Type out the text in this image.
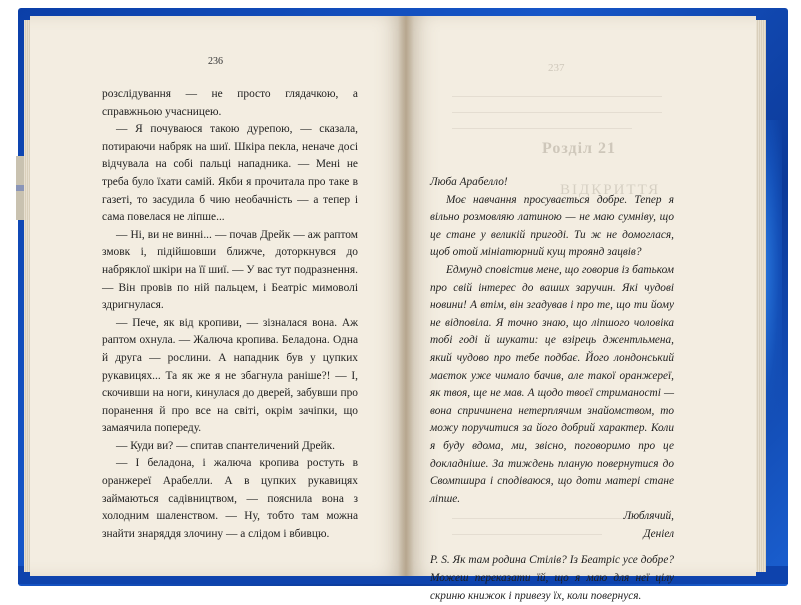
236

розслідування — не просто глядачкою, а справжньою учасницею.

— Я почуваюся такою дурепою, — сказала, потираючи набряк на шиї. Шкіра пекла, неначе досі відчувала на собі пальці нападника. — Мені не треба було їхати самій. Якби я прочитала про таке в газеті, то засудила б чию необачність — а тепер і сама повелася не ліпше...

— Ні, ви не винні... — почав Дрейк — аж раптом змовк і, підійшовши ближче, доторкнувся до набряклої шкіри на її шиї. — У вас тут подразнення. — Він провів по ній пальцем, і Беатріс мимоволі здригнулася.

— Пече, як від кропиви, — зізналася вона. Аж раптом охнула. — Жалюча кропива. Беладона. Одна й друга — рослини. А нападник був у цупких рукавицях... Та як же я не збагнула раніше?! — І, скочивши на ноги, кинулася до дверей, забувши про поранення й про все на світі, окрім зачіпки, що замаячила попереду.

— Куди ви? — спитав спантеличений Дрейк.

— І беладона, і жалюча кропива ростуть в оранжереї Арабелли. А в цупких рукавицях займаються садівництвом, — пояснила вона з холодним шаленством. — Ну, тобто там можна знайти знаряддя злочину — а слідом і вбивцю.

237
Розділ 21
ВІДКРИТТЯ

Люба Арабелло!

Моє навчання просувається добре. Тепер я вільно розмовляю латиною — не маю сумніву, що це стане у великій пригоді. Ти ж не домоглася, щоб отой мініатюрний кущ троянд зацвів?

Едмунд сповістив мене, що говорив із батьком про свій інтерес до ваших заручин. Які чудові новини! А втім, він згадував і про те, що ти йому не відповіла. Я точно знаю, що ліпшого чоловіка тобі годі й шукати: це взірець джентльмена, який чудово про тебе подбає. Його лондонський маєток уже чимало бачив, але такої оранжереї, як твоя, ще не мав. А щодо твоєї стриманості — вона спричинена нетерплячим знайомством, то можу поручитися за його добрий характер. Коли я буду вдома, ми, звісно, поговоримо про це докладніше. За тиждень планую повернутися до Свомпшира і сподіваюся, що доти матері стане ліпше.

Люблячий,

Деніел

P. S. Як там родина Стілів? Із Беатріс усе добре? Можеш переказати їй, що я маю для неї цілу скриню книжок і привезу їх, коли повернуся.
